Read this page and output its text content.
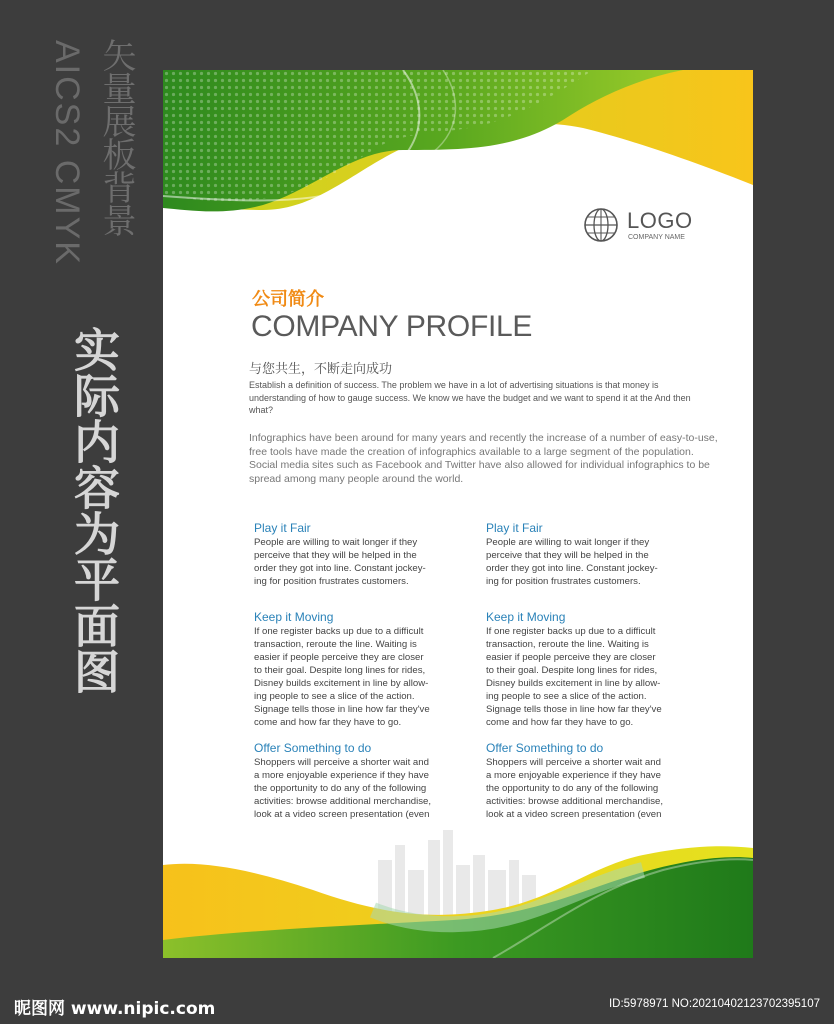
矢量展板背景
AICS2 CMYK
实际内容为平面图
LOGO
COMPANY NAME
公司简介
COMPANY PROFILE
与您共生，不断走向成功
Establish a definition of success. The problem we have in a lot of advertising situations is that money is understanding of how to gauge success. We know we have the budget and we want to spend it at the And then what?
Infographics have been around for many years and recently the increase of a number of easy-to-use, free tools have made the creation of infographics available to a large segment of the population. Social media sites such as Facebook and Twitter have also allowed for individual infographics to be spread among many people around the world.
Play it Fair

People are willing to wait longer if they
perceive that they will be helped in the
order they got into line. Constant jockey-
ing for position frustrates customers.

Keep it Moving

If one register backs up due to a difficult
transaction, reroute the line. Waiting is
easier if people perceive they are closer
to their goal. Despite long lines for rides,
Disney builds excitement in line by allow-
ing people to see a slice of the action.
Signage tells those in line how far they've
come and how far they have to go.

Offer Something to do

Shoppers will perceive a shorter wait and
a more enjoyable experience if they have
the opportunity to do any of the following
activities: browse additional merchandise,
look at a video screen presentation (even

Play it Fair

People are willing to wait longer if they
perceive that they will be helped in the
order they got into line. Constant jockey-
ing for position frustrates customers.

Keep it Moving

If one register backs up due to a difficult
transaction, reroute the line. Waiting is
easier if people perceive they are closer
to their goal. Despite long lines for rides,
Disney builds excitement in line by allow-
ing people to see a slice of the action.
Signage tells those in line how far they've
come and how far they have to go.

Offer Something to do

Shoppers will perceive a shorter wait and
a more enjoyable experience if they have
the opportunity to do any of the following
activities: browse additional merchandise,
look at a video screen presentation (even

昵图网 www.nipic.com	ID:5978971 NO:20210402123702395107
